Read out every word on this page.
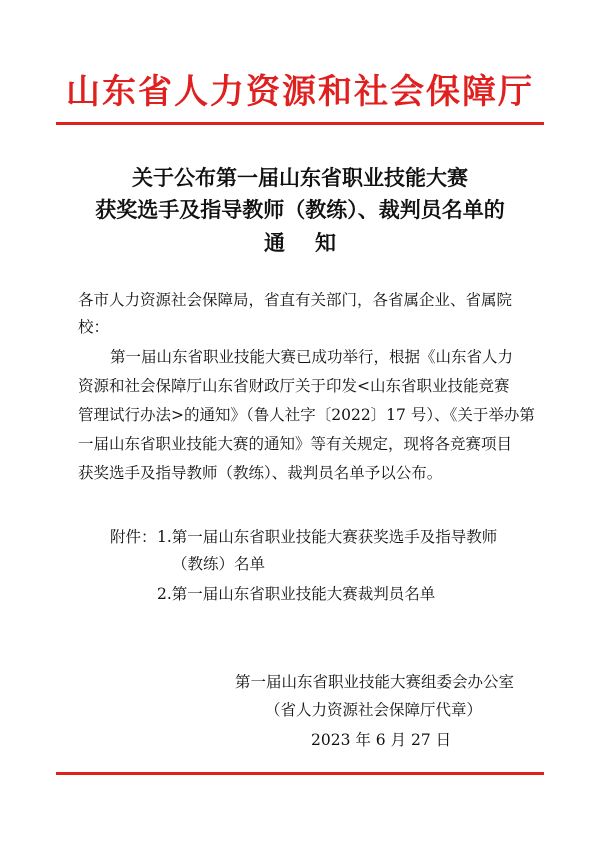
山东省人力资源和社会保障厅
关于公布第一届山东省职业技能大赛
获奖选手及指导教师（教练）、裁判员名单的
通知
各市人力资源社会保障局，省直有关部门，各省属企业、省属院
校：
第一届山东省职业技能大赛已成功举行，根据《山东省人力
资源和社会保障厅山东省财政厅关于印发<山东省职业技能竞赛
管理试行办法>的通知》（鲁人社字〔2022〕17 号）、《关于举办第
一届山东省职业技能大赛的通知》等有关规定，现将各竞赛项目
获奖选手及指导教师（教练）、裁判员名单予以公布。
附件： 1.第一届山东省职业技能大赛获奖选手及指导教师
（教练）名单
2.第一届山东省职业技能大赛裁判员名单
第一届山东省职业技能大赛组委会办公室
（省人力资源社会保障厅代章）
2023 年 6 月 27 日
